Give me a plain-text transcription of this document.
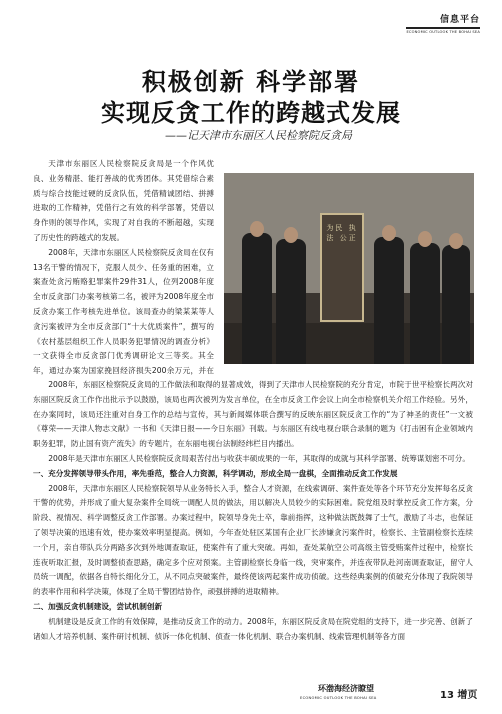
信息平台
ECONOMIC OUTLOOK THE BOHAI SEA
积极创新 科学部署
实现反贪工作的跨越式发展
——记天津市东丽区人民检察院反贪局

天津市东丽区人民检察院反贪局是一个作风优良、业务精湛、能打善战的优秀团体。其凭借综合素质与综合技能过硬的反贪队伍，凭借精诚团结、拼搏进取的工作精神，凭借行之有效的科学部署，凭借以身作则的领导作风，实现了对自我的不断超越，实现了历史性的跨越式的发展。

2008年，天津市东丽区人民检察院反贪局在仅有13名干警的情况下，克服人员少、任务重的困难，立案查处贪污贿赂犯罪案件29件31人，位列2008年度全市反贪部门办案考核第二名，被评为2008年度全市反贪办案工作考核先进单位。该局查办的梁某某等人贪污案被评为全市反贪部门“十大优质案件”，撰写的《农村基层组织工作人员职务犯罪情况的调查分析》一文获得全市反贪部门优秀调研论文三等奖。其全年，通过办案为国家挽回经济损失200余万元，并在

为民 执法 公正

2008年，东丽区检察院反贪局的工作做法和取得的显著成效，得到了天津市人民检察院的充分肯定，市院于世平检察长两次对东丽区院反贪工作作出批示予以鼓励，该局也两次被列为发言单位，在全市反贪工作会议上向全市检察机关介绍工作经验。另外，在办案同时，该局还注重对自身工作的总结与宣传，其与新闻媒体联合撰写的反映东丽区院反贪工作的“为了神圣的责任”一文被《尊荣——天津人物志文献》一书和《天津日报——今日东丽》刊载。与东丽区有线电视台联合录制的题为《打击困有企业领域内职务犯罪，防止国有资产流失》的专题片，在东丽电视台法制经纬栏目内播出。

2008年是天津市东丽区人民检察院反贪局艰苦付出与收获丰硕成果的一年，其取得的成就与其科学部署、统筹谋划密不可分。

一、充分发挥领导带头作用，率先垂范，整合人力资源，科学调动，形成全局一盘棋，全面推动反贪工作发展

2008年，天津市东丽区人民检察院领导从业务特长入手，整合人才资源，在线索调研、案件查处等各个环节充分发挥每名反贪干警的优势，并形成了重大复杂案件全局统一调配人员的做法，用以解决人员较少的实际困难。院党组及时掌控反贪工作方案，分阶段、视情况、科学调整反贪工作部署。办案过程中，院领导身先士卒，靠前指挥，这种做法既鼓舞了士气，激励了斗志，也保证了领导决策的迅速有效，使办案效率明显提高。例如，今年查处驻区某国有企业厂长涉嫌贪污案件时，检察长、主管副检察长连续一个月，亲自带队兵分两路多次到外地调查取证，使案件有了重大突破。再如，查处某航空公司高级主管受贿案件过程中，检察长连夜听取汇报，及时调整侦查思路，确定多个应对预案。主管副检察长身临一线，突审案件，并连夜带队赴河南调查取证，留守人员统一调配，依据各自特长细化分工，从不同点突破案件，最终使该两起案件成功侦破。这些经典案例的侦破充分体现了我院领导的表率作用和科学决策，体现了全局干警团结协作，顽强拼搏的进取精神。

二、加强反贪机制建设，尝试机制创新

机制建设是反贪工作的有效保障，是推动反贪工作的动力。2008年，东丽区院反贪局在院党组的支持下，进一步完善、创新了诸如人才培养机制、案件研讨机制、侦诉一体化机制、侦查一体化机制、联合办案机制、线索管理机制等各方面

环渤海经济瞭望
ECONOMIC OUTLOOK THE BOHAI SEA	13 增页
